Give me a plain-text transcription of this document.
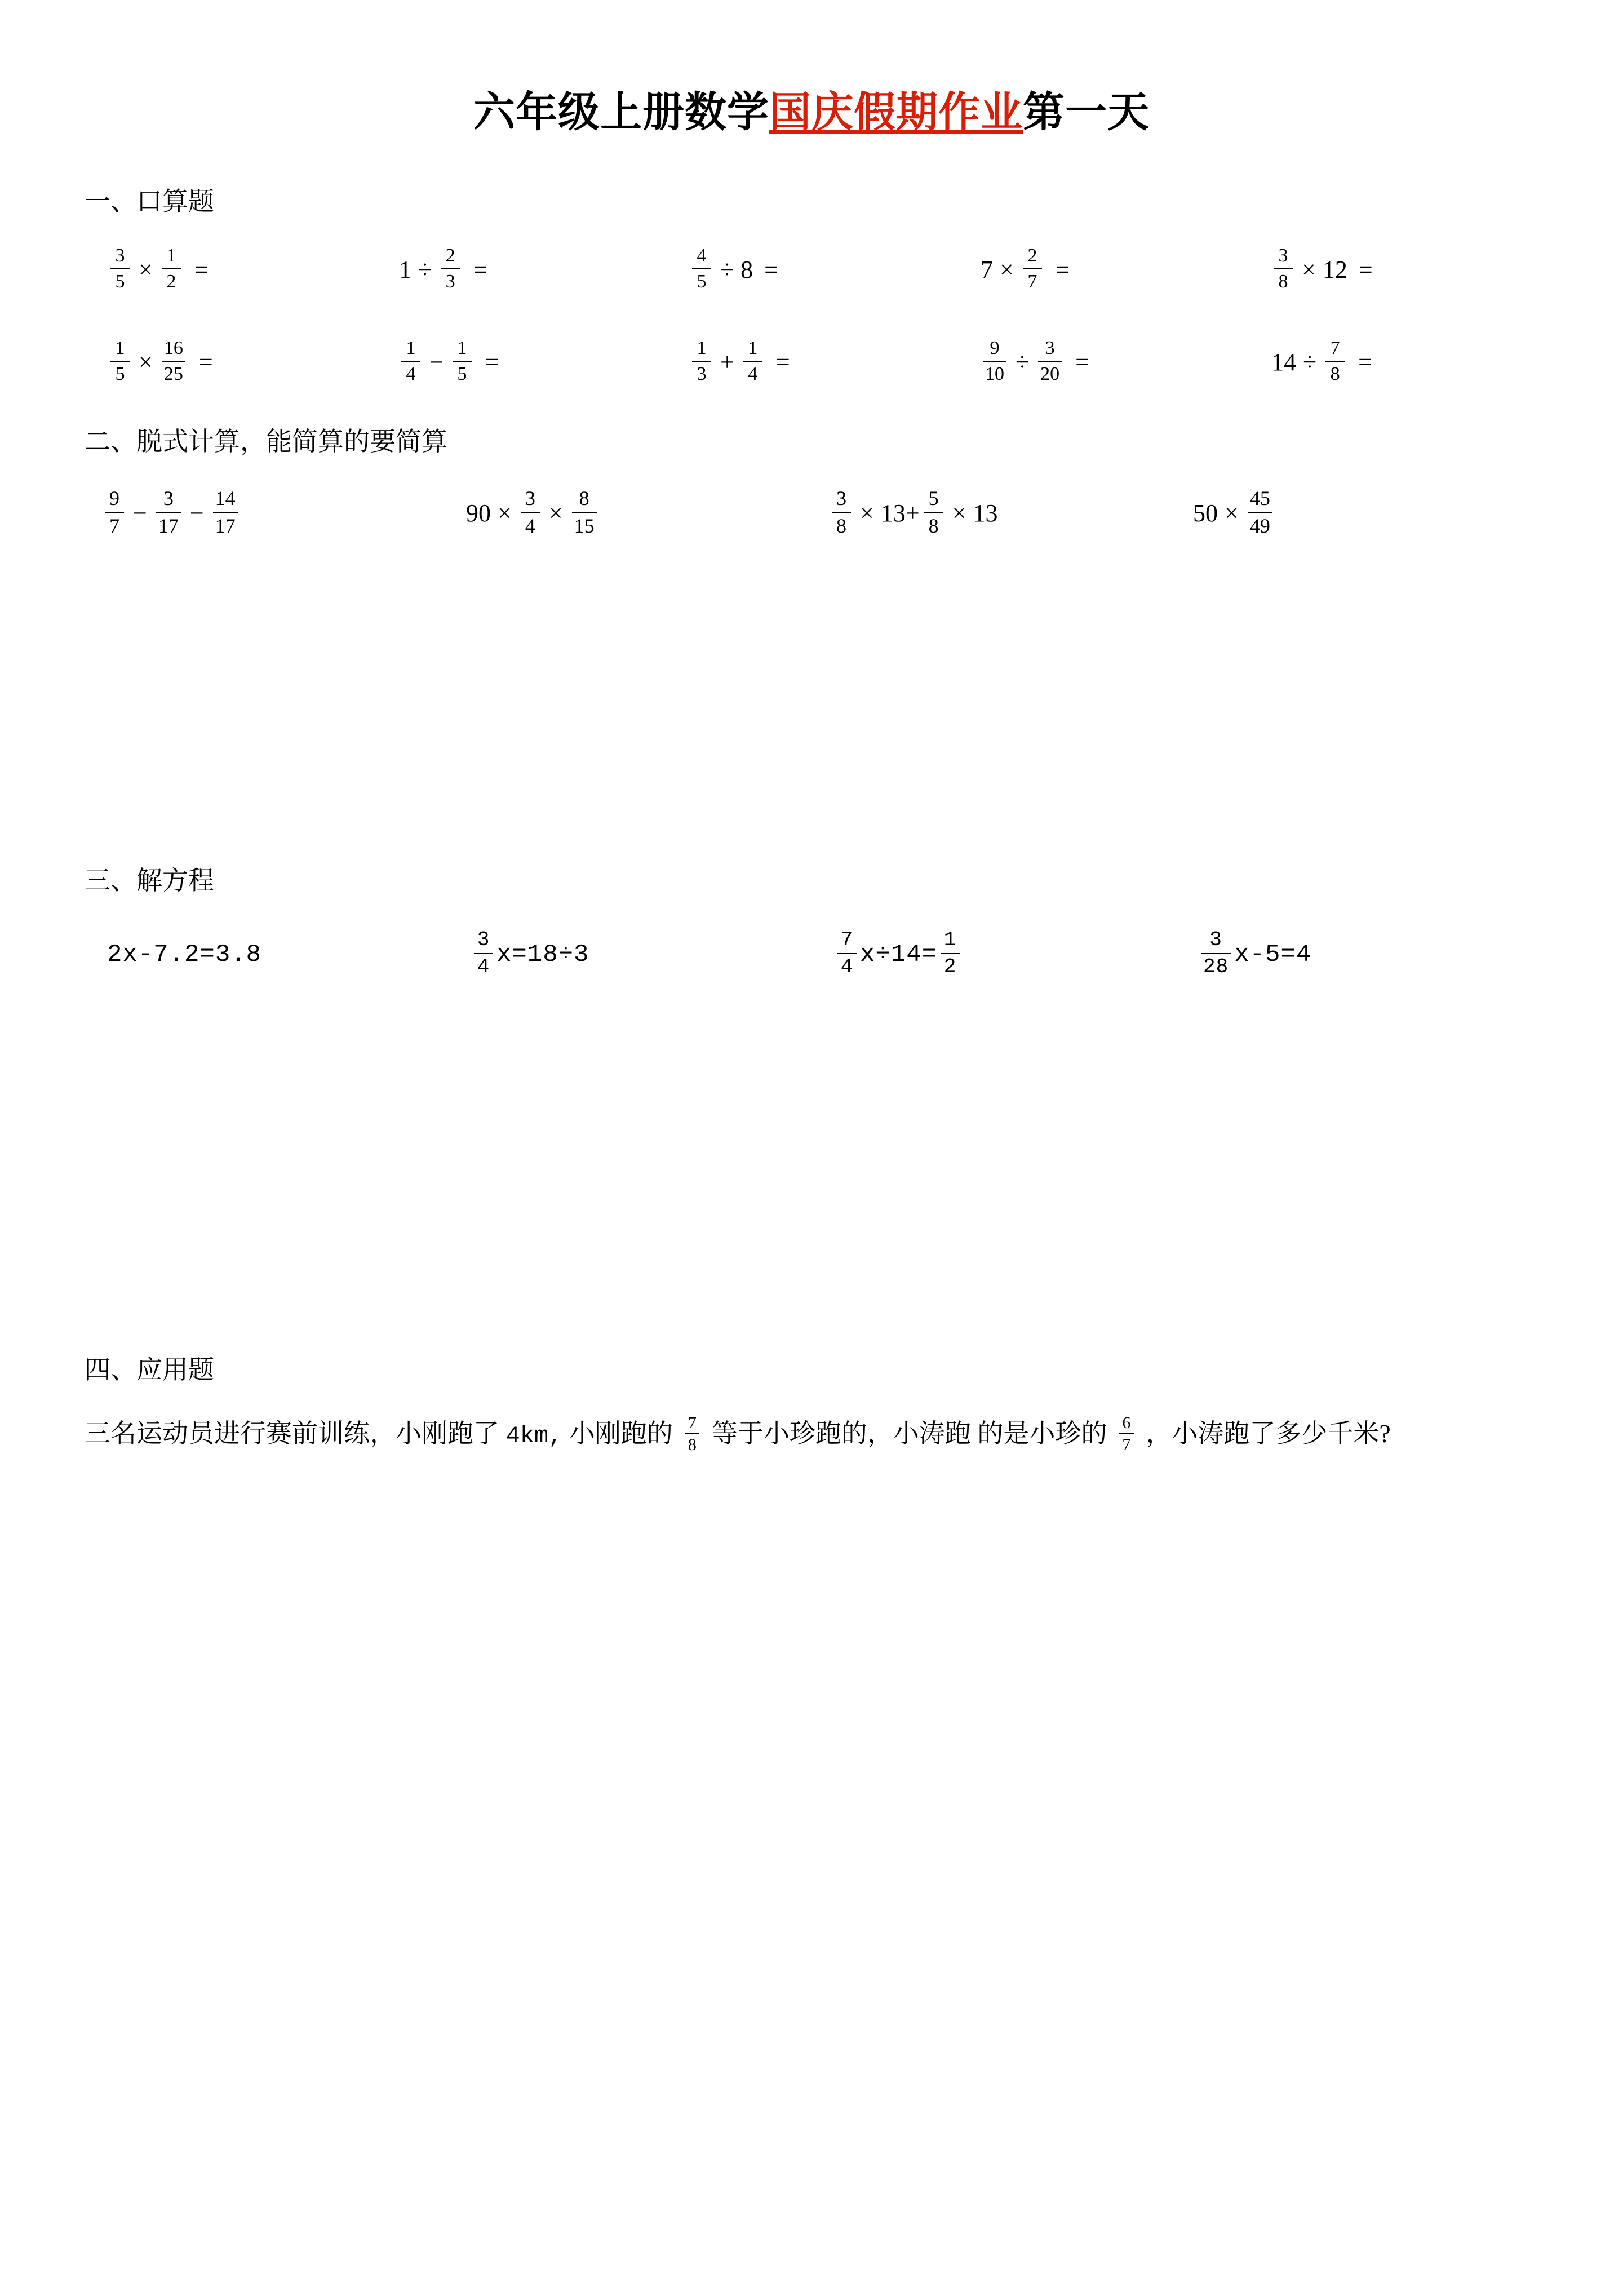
六年级上册数学国庆假期作业第一天
一、口算题
$\frac{3}{5} \times \frac{1}{2}$ =	$1 \div \frac{2}{3}$ =	$\frac{4}{5} \div 8$ =	$7 \times \frac{2}{7}$ =	$\frac{3}{8} \times 12$ =
$\frac{1}{5} \times \frac{16}{25}$ =	$\frac{1}{4} - \frac{1}{5}$ =	$\frac{1}{3} + \frac{1}{4}$ =	$\frac{9}{10} \div \frac{3}{20}$ =	$14 \div \frac{7}{8}$ =
二、脱式计算，能简算的要简算
$\frac{9}{7} - \frac{3}{17} - \frac{14}{17}$	$90 \times \frac{3}{4} \times \frac{8}{15}$	$\frac{3}{8} \times 13+ \frac{5}{8} \times 13$	$50 \times \frac{45}{49}$
三、解方程
2x-7.2=3.8	$\frac{3}{4} x=18\div 3$	$\frac{7}{4} x\div 14= \frac{1}{2}$	$\frac{3}{28} x-5=4$
四、应用题
三名运动员进行赛前训练，小刚跑了 4km, 小刚跑的 $\frac{7}{8}$ 等于小珍跑的，小涛跑 的是小珍的 $\frac{6}{7}$ ，小涛跑了多少千米?
